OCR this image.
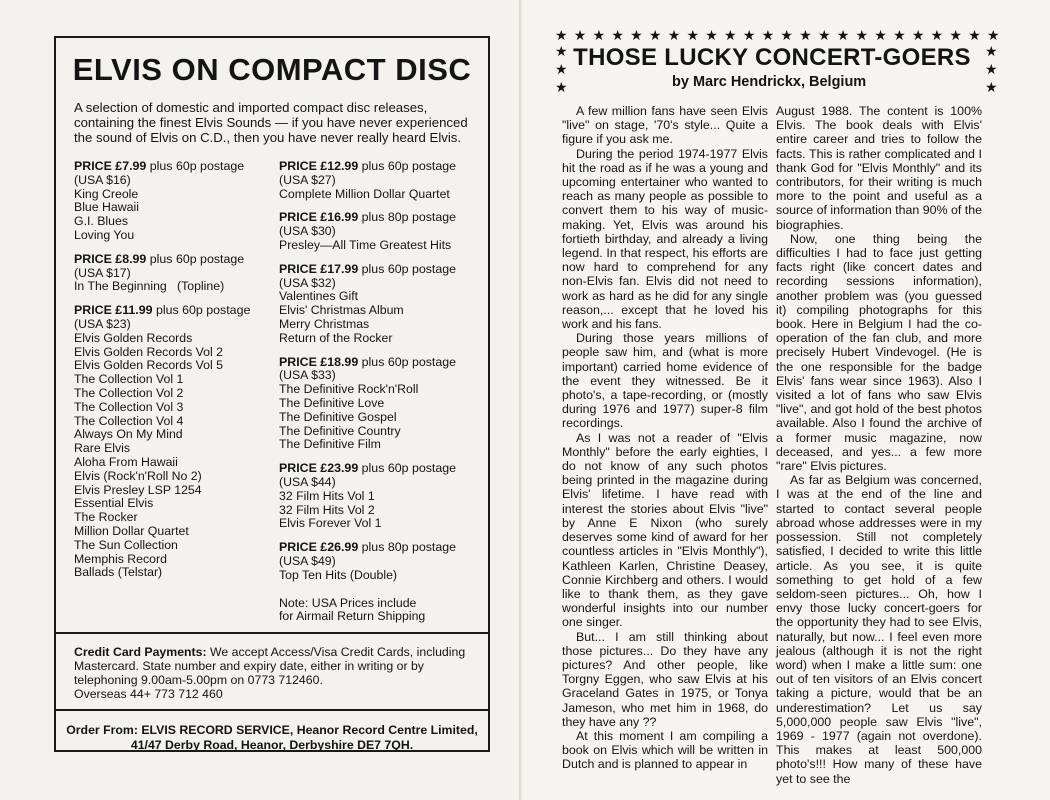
ELVIS ON COMPACT DISC
A selection of domestic and imported compact disc releases, containing the finest Elvis Sounds — if you have never experienced the sound of Elvis on C.D., then you have never really heard Elvis.
PRICE £7.99 plus 60p postage
(USA $16)
King Creole
Blue Hawaii
G.I. Blues
Loving You
PRICE £8.99 plus 60p postage
(USA $17)
In The Beginning   (Topline)
PRICE £11.99 plus 60p postage
(USA $23)
Elvis Golden Records
Elvis Golden Records Vol 2
Elvis Golden Records Vol 5
The Collection Vol 1
The Collection Vol 2
The Collection Vol 3
The Collection Vol 4
Always On My Mind
Rare Elvis
Aloha From Hawaii
Elvis (Rock'n'Roll No 2)
Elvis Presley LSP 1254
Essential Elvis
The Rocker
Million Dollar Quartet
The Sun Collection
Memphis Record
Ballads (Telstar)
PRICE £12.99 plus 60p postage
(USA $27)
Complete Million Dollar Quartet
PRICE £16.99 plus 80p postage
(USA $30)
Presley—All Time Greatest Hits
PRICE £17.99 plus 60p postage
(USA $32)
Valentines Gift
Elvis' Christmas Album
Merry Christmas
Return of the Rocker
PRICE £18.99 plus 60p postage
(USA $33)
The Definitive Rock'n'Roll
The Definitive Love
The Definitive Gospel
The Definitive Country
The Definitive Film
PRICE £23.99 plus 60p postage
(USA $44)
32 Film Hits Vol 1
32 Film Hits Vol 2
Elvis Forever Vol 1
PRICE £26.99 plus 80p postage
(USA $49)
Top Ten Hits (Double)
Note: USA Prices include
for Airmail Return Shipping
Credit Card Payments: We accept Access/Visa Credit Cards, including Mastercard. State number and expiry date, either in writing or by telephoning 9.00am-5.00pm on 0773 712460.
Overseas 44+ 773 712 460
Order From: ELVIS RECORD SERVICE, Heanor Record Centre Limited,
41/47 Derby Road, Heanor, Derbyshire DE7 7QH.
★ ★ ★ ★ ★ ★ ★ ★ ★ ★ ★ ★ ★ ★ ★ ★ ★ ★ ★ ★ ★ ★ ★ ★
★
★
★
★
★
★
THOSE LUCKY CONCERT-GOERS
by Marc Hendrickx, Belgium

A few million fans have seen Elvis "live" on stage, '70's style... Quite a figure if you ask me.

During the period 1974-1977 Elvis hit the road as if he was a young and upcoming entertainer who wanted to reach as many people as possible to convert them to his way of music-making. Yet, Elvis was around his fortieth birthday, and already a living legend. In that respect, his efforts are now hard to comprehend for any non-Elvis fan. Elvis did not need to work as hard as he did for any single reason,... except that he loved his work and his fans.

During those years millions of people saw him, and (what is more important) carried home evidence of the event they witnessed. Be it photo's, a tape-recording, or (mostly during 1976 and 1977) super-8 film recordings.

As I was not a reader of "Elvis Monthly" before the early eighties, I do not know of any such photos being printed in the magazine during Elvis' lifetime. I have read with interest the stories about Elvis "live" by Anne E Nixon (who surely deserves some kind of award for her countless articles in "Elvis Monthly"), Kathleen Karlen, Christine Deasey, Connie Kirchberg and others. I would like to thank them, as they gave wonderful insights into our number one singer.

But... I am still thinking about those pictures... Do they have any pictures? And other people, like Torgny Eggen, who saw Elvis at his Graceland Gates in 1975, or Tonya Jameson, who met him in 1968, do they have any ??

At this moment I am compiling a book on Elvis which will be written in Dutch and is planned to appear in

August 1988. The content is 100% Elvis. The book deals with Elvis' entire career and tries to follow the facts. This is rather complicated and I thank God for "Elvis Monthly" and its contributors, for their writing is much more to the point and useful as a source of information than 90% of the biographies.

Now, one thing being the difficulties I had to face just getting facts right (like concert dates and recording sessions information), another problem was (you guessed it) compiling photographs for this book. Here in Belgium I had the co-operation of the fan club, and more precisely Hubert Vindevogel. (He is the one responsible for the badge Elvis' fans wear since 1963). Also I visited a lot of fans who saw Elvis "live", and got hold of the best photos available. Also I found the archive of a former music magazine, now deceased, and yes... a few more "rare" Elvis pictures.

As far as Belgium was concerned, I was at the end of the line and started to contact several people abroad whose addresses were in my possession. Still not completely satisfied, I decided to write this little article. As you see, it is quite something to get hold of a few seldom-seen pictures... Oh, how I envy those lucky concert-goers for the opportunity they had to see Elvis, naturally, but now... I feel even more jealous (although it is not the right word) when I make a little sum: one out of ten visitors of an Elvis concert taking a picture, would that be an underestimation? Let us say 5,000,000 people saw Elvis "live", 1969 - 1977 (again not overdone). This makes at least 500,000 photo's!!! How many of these have yet to see the
